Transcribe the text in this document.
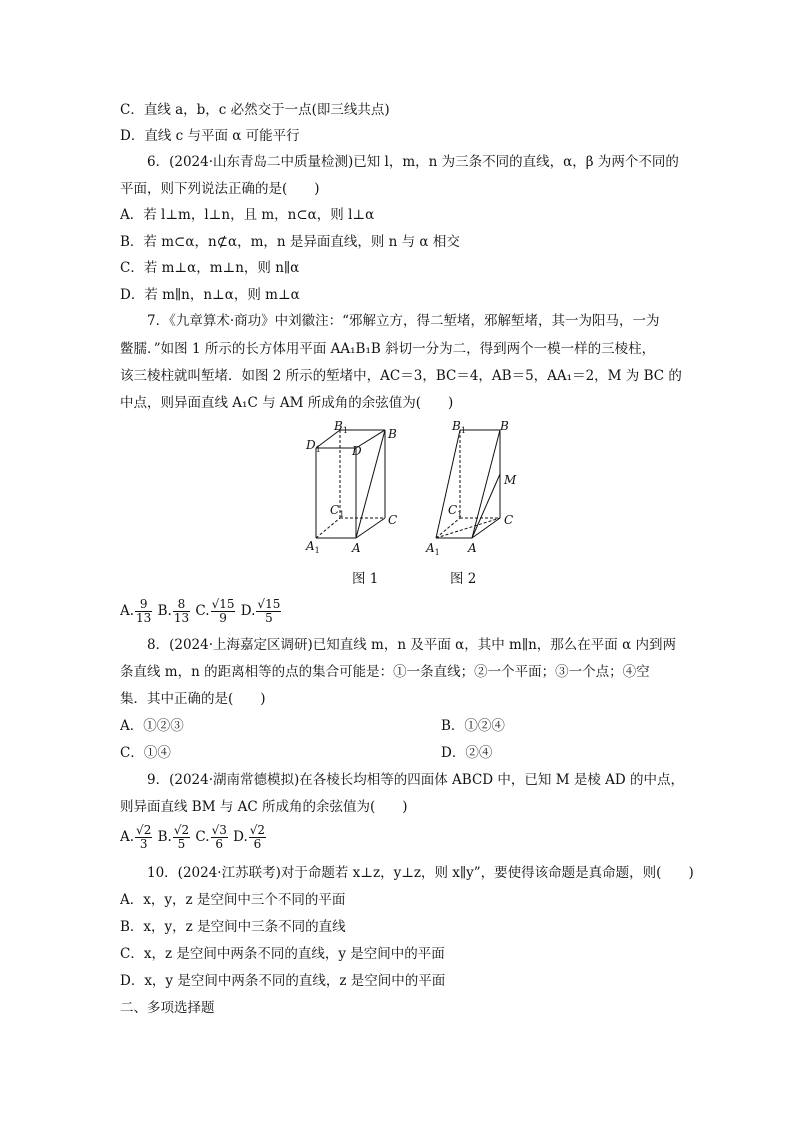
C．直线 a，b，c 必然交于一点(即三线共点)
D．直线 c 与平面 α 可能平行
6．(2024·山东青岛二中质量检测)已知 l，m，n 为三条不同的直线，α，β 为两个不同的
平面，则下列说法正确的是(　　)
A．若 l⊥m，l⊥n，且 m，n⊂α，则 l⊥α
B．若 m⊂α，n⊄α，m，n 是异面直线，则 n 与 α 相交
C．若 m⊥α，m⊥n，则 n∥α
D．若 m∥n，n⊥α，则 m⊥α
7．《九章算术·商功》中刘徽注：“邪解立方，得二堑堵，邪解堑堵，其一为阳马，一为
鳖臑．”如图 1 所示的长方体用平面 AA₁B₁B 斜切一分为二，得到两个一模一样的三棱柱，
该三棱柱就叫堑堵．如图 2 所示的堑堵中，AC＝3，BC＝4，AB＝5，AA₁＝2，M 为 BC 的
中点，则异面直线 A₁C 与 AM 所成角的余弦值为(　　)
$D_1$
$B_1$	B
D
$C_1$	C
$A_1$	A
$B_1$	B
M
$C_1$	C
$A_1$ A
图 1	图 2
A. $\frac{9}{13} B$. $\frac{8}{13} C$. $\frac{√15}{9} D$. $\frac{√15}{5}$
8．(2024·上海嘉定区调研)已知直线 m，n 及平面 α，其中 m∥n，那么在平面 α 内到两
条直线 m，n 的距离相等的点的集合可能是：①一条直线；②一个平面；③一个点；④空
集．其中正确的是(　　)
A．①②③	B．①②④
C．①④	D．②④
9．(2024·湖南常德模拟)在各棱长均相等的四面体 ABCD 中，已知 M 是棱 AD 的中点，
则异面直线 BM 与 AC 所成角的余弦值为(　　)
A. $\frac{√2}{3} B$. $\frac{√2}{5} C$. $\frac{√3}{6} D$. $\frac{√2}{6}$
10．(2024·江苏联考)对于命题若 x⊥z，y⊥z，则 x∥y”，要使得该命题是真命题，则(　　)
A．x，y，z 是空间中三个不同的平面
B．x，y，z 是空间中三条不同的直线
C．x，z 是空间中两条不同的直线，y 是空间中的平面
D．x，y 是空间中两条不同的直线，z 是空间中的平面
二、多项选择题
